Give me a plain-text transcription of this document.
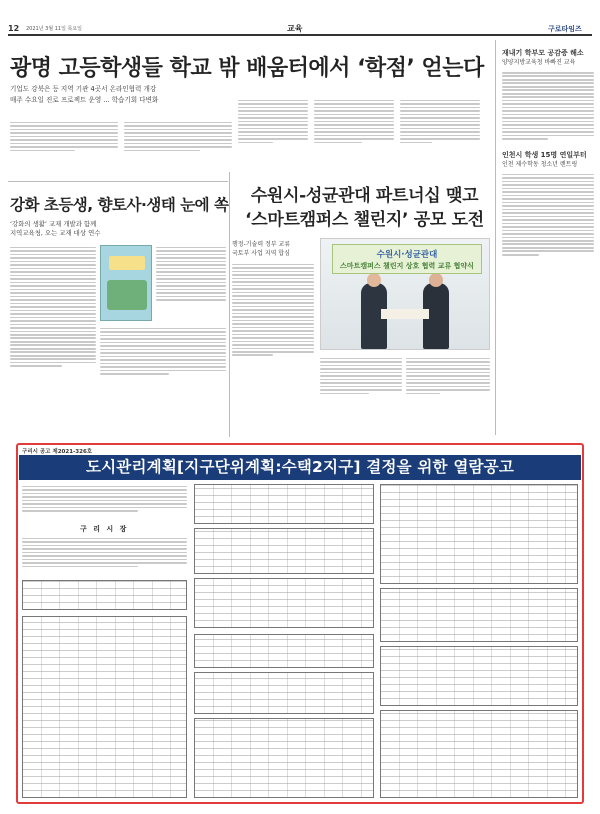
12 2021년 3월 11일 목요일	교육	구로타임즈
광명 고등학생들 학교 밖 배움터에서 ‘학점’ 얻는다
기업도 강북은 등 지역 기관 4곳서 온라인협력 개강
매주 수요일 진로 프로젝트 운영 ... 학습기회 다변화
재내기 학부모 공감증 해소
양양지방교육청 바빠진 교육
인천시 학생 15명 연일부터
인천 제수학동 청소년 렌트링
강화 초등생, 향토사·생태 눈에 쏙
‘강화의 생활’ 교재 개발과 함께
지역교육청, 오는 교재 대상 연수
수원시-성균관대 파트너십 맺고
‘스마트캠퍼스 챌린지’ 공모 도전
행정-기술력 정부 교류
국토부 사업 지역 합심	수원시·성균관대
스마트캠퍼스 챌린지 상호 협력 교류 협약식
구리시 공고 제2021-326호
도시관리계획[지구단위계획:수택2지구] 결정을 위한 열람공고
구 리 시 장
